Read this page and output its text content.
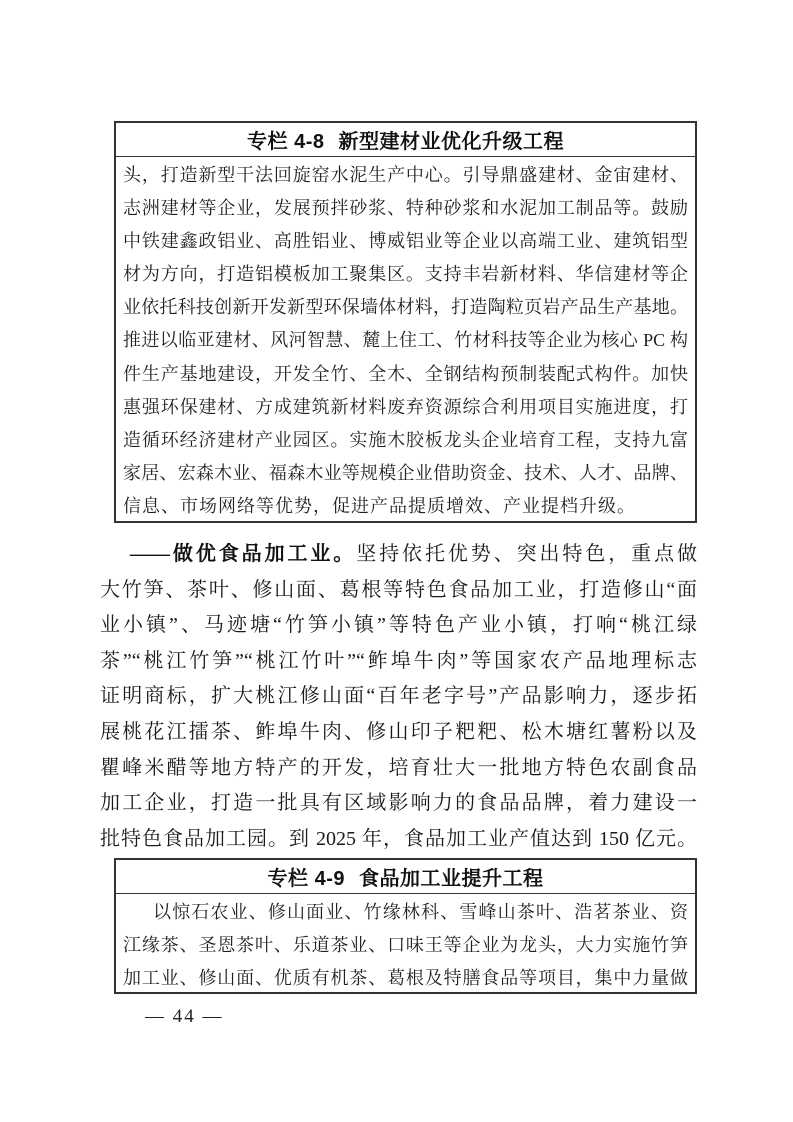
专栏 4-8 新型建材业优化升级工程
头，打造新型干法回旋窑水泥生产中心。引导鼎盛建材、金宙建材、
志洲建材等企业，发展预拌砂浆、特种砂浆和水泥加工制品等。鼓励
中铁建鑫政铝业、高胜铝业、博威铝业等企业以高端工业、建筑铝型
材为方向，打造铝模板加工聚集区。支持丰岩新材料、华信建材等企
业依托科技创新开发新型环保墙体材料，打造陶粒页岩产品生产基地。
推进以临亚建材、风河智慧、麓上住工、竹材科技等企业为核心 PC 构
件生产基地建设，开发全竹、全木、全钢结构预制装配式构件。加快
惠强环保建材、方成建筑新材料废弃资源综合利用项目实施进度，打
造循环经济建材产业园区。实施木胶板龙头企业培育工程，支持九富
家居、宏森木业、福森木业等规模企业借助资金、技术、人才、品牌、
信息、市场网络等优势，促进产品提质增效、产业提档升级。
——做优食品加工业。坚持依托优势、突出特色，重点做
大竹笋、茶叶、修山面、葛根等特色食品加工业，打造修山“面
业小镇”、马迹塘“竹笋小镇”等特色产业小镇，打响“桃江绿
茶”“桃江竹笋”“桃江竹叶”“鲊埠牛肉”等国家农产品地理标志
证明商标，扩大桃江修山面“百年老字号”产品影响力，逐步拓
展桃花江擂茶、鲊埠牛肉、修山印子粑粑、松木塘红薯粉以及
瞿峰米醋等地方特产的开发，培育壮大一批地方特色农副食品
加工企业，打造一批具有区域影响力的食品品牌，着力建设一
批特色食品加工园。到 2025 年，食品加工业产值达到 150 亿元。
专栏 4-9 食品加工业提升工程
以惊石农业、修山面业、竹缘林科、雪峰山茶叶、浩茗茶业、资
江缘茶、圣恩茶叶、乐道茶业、口味王等企业为龙头，大力实施竹笋
加工业、修山面、优质有机茶、葛根及特膳食品等项目，集中力量做
— 44 —
